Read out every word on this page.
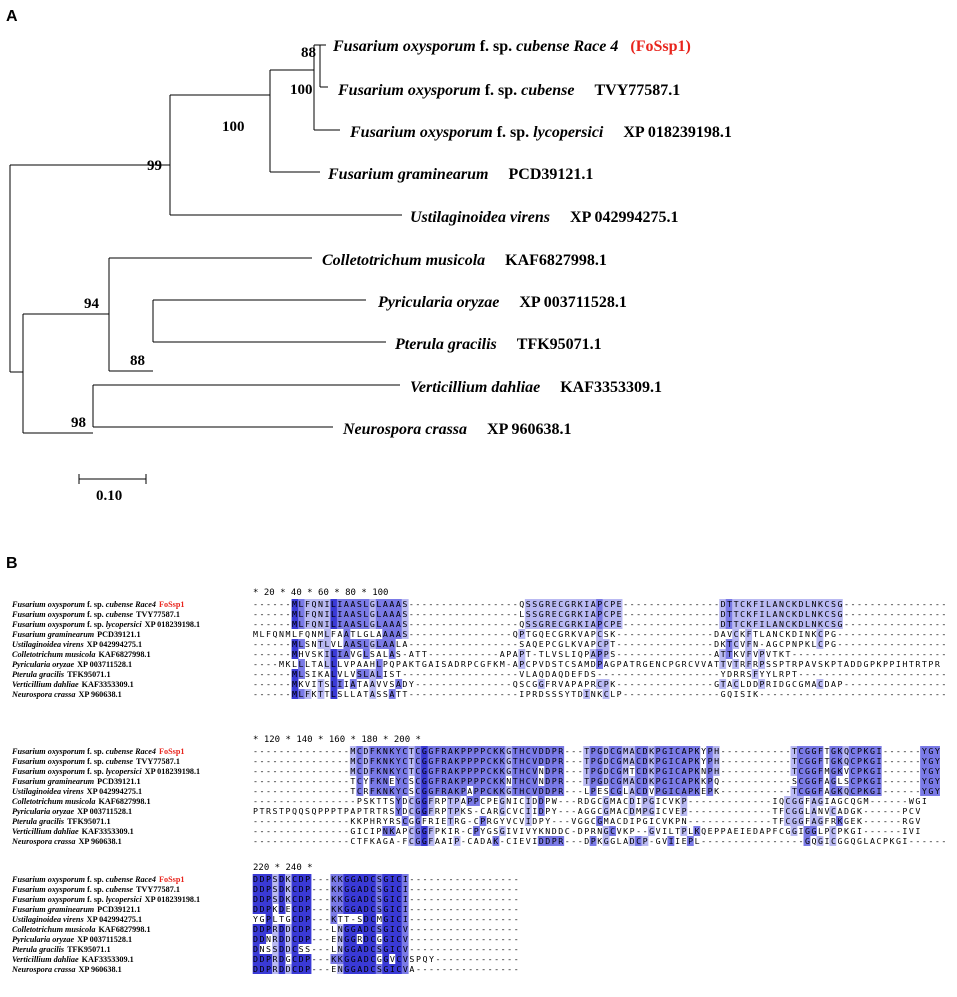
A
Fusarium oxysporum f. sp. cubense Race 4 (FoSsp1)
Fusarium oxysporum f. sp. cubense TVY77587.1
Fusarium oxysporum f. sp. lycopersici XP 018239198.1
Fusarium graminearum PCD39121.1
Ustilaginoidea virens XP 042994275.1
Colletotrichum musicola KAF6827998.1
Pyricularia oryzae XP 003711528.1
Pterula gracilis TFK95071.1
Verticillium dahliae KAF3353309.1
Neurospora crassa XP 960638.1
88
100
100
99
94
88
98
0.10
B
* 20 * 40 * 60 * 80 * 100
Fusarium oxysporum f. sp. cubense Race4 FoSsp1	------MLFQNILIAASLGLAAAS-----------------QSSGRECGRKIAPCPE---------------DTTCKFILANCKDLNKCSG----------------
Fusarium oxysporum f. sp. cubense TVY77587.1	------MLFQNILIAASLGLAAAS-----------------LSSGRECGRKIAPCPE---------------DTTCKFILANCKDLNKCSG----------------
Fusarium oxysporum f. sp. lycopersici XP 018239198.1	------MLFQNILIAASLGLAAAS-----------------QSSGRECGRKIAPCPE---------------DTTCKFILANCKDLNKCSG----------------
Fusarium graminearum PCD39121.1	MLFQNMLFQNMLFAATLGLAAAAS----------------QPTGQECGRKVAPCSK---------------DAVCKFTLANCKDINKCPG-----------------
Ustilaginoidea virens XP 042994275.1	------MLSNTLVLAASLGLAALA-----------------SAQEPCGLKVAPCPT---------------DKTCVFN-AGCPNPKLCPG-----------------
Colletotrichum musicola KAF6827998.1	------MHVSKILIAVGLSALAS-ATT-----------APAPT-TLVSLIQPAPPS---------------ATTKVFVPVTKT------------------------
Pyricularia oryzae XP 003711528.1	----MKLLLTALLLVPAAHLPQPAKTGAISADRPCGFKM-APCPVDSTCSAMDPAGPATRGENCPGRCVVATTVTRFRPSSPTRPAVSKPTADDGPKPPIHTRTPR
Pterula gracilis TFK95071.1	------MLSIKALVLVSLALIST------------------VLAQDAQDEFDS-------------------YDRRSFYYLRPT-----------------------
Verticillium dahliae KAF3353309.1	------MKVITSLIIATAAVVSADY---------------QSCGGFRVAPAPRCPK---------------GTACLDDPRIDGCGMACDAP----------------
Neurospora crassa XP 960638.1	------MLFKTTLSLLATASSATT-----------------IPRDSSSYTDINKCLP---------------GQISIK-----------------------------
* 120 * 140 * 160 * 180 * 200 *
Fusarium oxysporum f. sp. cubense Race4 FoSsp1	---------------MCDFKNKYCTCGGFRAKPPPPCKKGTHCVDDPR---TPGDCGMACDKPGICAPKYPH-----------TCGGFTGKQCPKGI------YGY
Fusarium oxysporum f. sp. cubense TVY77587.1	---------------MCDFKNKYCTCGGFRAKPPPPCKKGTHCVDDPR---TPGDCGMACDKPGICAPKYPH-----------TCGGFTGKQCPKGI------YGY
Fusarium oxysporum f. sp. lycopersici XP 018239198.1	---------------MCDFKNKYCTCGGFRAKPPPPCKKGTHCVNDPR---TPGDCGMTCDKPGICAPKNPH-----------TCGGFMGKVCPKGI------YGY
Fusarium graminearum PCD39121.1	---------------TCYFKNEYCSCGGFRAKPPPPCKKNTHCVNDPR---TPGDCGMACDKPGICAPKKPQ-----------SCGGFAGLSCPKGI------YGY
Ustilaginoidea virens XP 042994275.1	---------------TCRFKNKYCSCGGFRAKPAPPCKKGTHCVDDPR---LPESCGLACDVPGICAPKEPK-----------TCGGFAGKQCPKGI------YGY
Colletotrichum musicola KAF6827998.1	----------------PSKTTSYDCGGFRPTPAPPCPEGNICIDDPW---RDGCGMACDIPGICVKP-------------IQCGGFAGIAGCQGM------WGI
Pyricularia oryzae XP 003711528.1	PTRSTPQQSQPPPTPAPTRTRSYDCGGFRPTPKS-CARGCVCIIDPY---AGGCGMACDMPGICVEP-------------TFCGGLANVCADGK------PCV
Pterula gracilis TFK95071.1	---------------KKPHRYRSCGGFRIETRG-CPRGYVCVIDPY---VGGCGMACDIPGICVKPN-------------TFCGGFAGFRKGEK------RGV
Verticillium dahliae KAF3353309.1	---------------GICIPNKAPCGGFPKIR-CPYGSGIVIVYKNDDC-DPRNGCVKP--GVILTPLKQEPPAEIEDAPFCGGIGGLPCPKGI------IVI
Neurospora crassa XP 960638.1	---------------CTFKAGA-FCGGFAAIP-CADAK-CIEVIDDPR---DPKGGLADCP-GVIIEPL----------------GQGICGGQGLACPKGI------
220 * 240 *
Fusarium oxysporum f. sp. cubense Race4 FoSsp1	DDPSDKCDP---KKGGADCSGICI-----------------
Fusarium oxysporum f. sp. cubense TVY77587.1	DDPSDKCDP---KKGGADCSGICI-----------------
Fusarium oxysporum f. sp. lycopersici XP 018239198.1	DDPSDKCDP---KKGGADCSGICI-----------------
Fusarium graminearum PCD39121.1	DDPKDECDP---KKGGADCSGICI-----------------
Ustilaginoidea virens XP 042994275.1	YGPLTGCDP---KTT-SDCMGICI-----------------
Colletotrichum musicola KAF6827998.1	DDPRDDCDP---LNGGADCSGICV-----------------
Pyricularia oryzae XP 003711528.1	DDNRDDCDP---ENGGRDCGGICV-----------------
Pterula gracilis TFK95071.1	DNSSDDCSS---LNGGADCSGICV-----------------
Verticillium dahliae KAF3353309.1	DDPRDGCDP---KKGGADCGGVCVSPQY-------------
Neurospora crassa XP 960638.1	DDPRDDCDP---ENGGADCSGICVA----------------
